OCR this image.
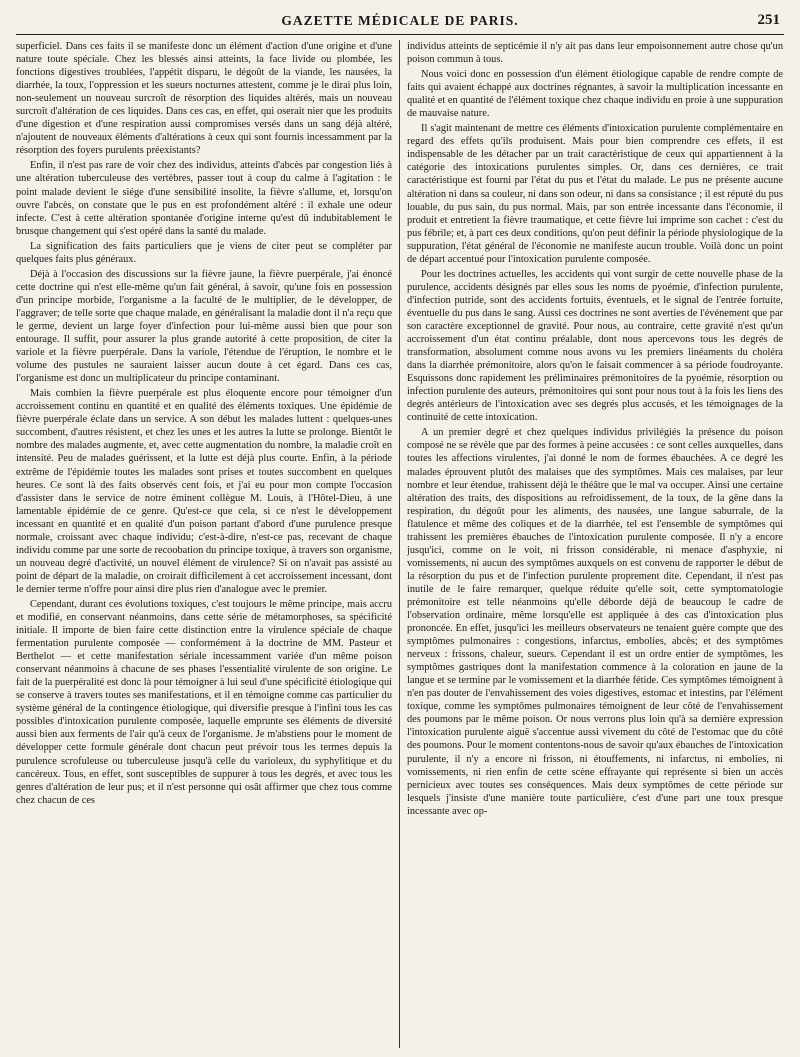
GAZETTE MÉDICALE DE PARIS.	251

superficiel. Dans ces faits il se manifeste donc un élément d'action d'une origine et d'une nature toute spéciale. Chez les blessés ainsi atteints, la face livide ou plombée, les fonctions digestives troublées, l'appétit disparu, le dégoût de la viande, les nausées, la diarrhée, la toux, l'oppression et les sueurs nocturnes attestent, comme je le dirai plus loin, non-seulement un nouveau surcroît de résorption des liquides altérés, mais un nouveau surcroît d'altération de ces liquides. Dans ces cas, en effet, qui oserait nier que les produits d'une digestion et d'une respiration aussi compromises versés dans un sang déjà altéré, n'ajoutent de nouveaux éléments d'altérations à ceux qui sont fournis incessamment par la résorption des foyers purulents préexistants?

Enfin, il n'est pas rare de voir chez des individus, atteints d'abcès par congestion liés à une altération tuberculeuse des vertèbres, passer tout à coup du calme à l'agitation : le point malade devient le siége d'une sensibilité insolite, la fièvre s'allume, et, lorsqu'on ouvre l'abcès, on constate que le pus en est profondément altéré : il exhale une odeur infecte. C'est à cette altération spontanée d'origine interne qu'est dû indubitablement le brusque changement qui s'est opéré dans la santé du malade.

La signification des faits particuliers que je viens de citer peut se compléter par quelques faits plus généraux.

Déjà à l'occasion des discussions sur la fièvre jaune, la fièvre puerpérale, j'ai énoncé cette doctrine qui n'est elle-même qu'un fait général, à savoir, qu'une fois en possession d'un principe morbide, l'organisme a la faculté de le multiplier, de le développer, de l'aggraver; de telle sorte que chaque malade, en généralisant la maladie dont il n'a reçu que le germe, devient un large foyer d'infection pour lui-même aussi bien que pour son entourage. Il suffit, pour assurer la plus grande autorité à cette proposition, de citer la variole et la fièvre puerpérale. Dans la variole, l'étendue de l'éruption, le nombre et le volume des pustules ne sauraient laisser aucun doute à cet égard. Dans ces cas, l'organisme est donc un multiplicateur du principe contaminant.

Mais combien la fièvre puerpérale est plus éloquente encore pour témoigner d'un accroissement continu en quantité et en qualité des éléments toxiques. Une épidémie de fièvre puerpérale éclate dans un service. A son début les malades luttent : quelques-unes succombent, d'autres résistent, et chez les unes et les autres la lutte se prolonge. Bientôt le nombre des malades augmente, et, avec cette augmentation du nombre, la maladie croît en intensité. Peu de malades guérissent, et la lutte est déjà plus courte. Enfin, à la période extrême de l'épidémie toutes les malades sont prises et toutes succombent en quelques heures. Ce sont là des faits observés cent fois, et j'ai eu pour mon compte l'occasion d'assister dans le service de notre éminent collègue M. Louis, à l'Hôtel-Dieu, à une lamentable épidémie de ce genre. Qu'est-ce que cela, si ce n'est le développement incessant en quantité et en qualité d'un poison partant d'abord d'une purulence presque normale, croissant avec chaque individu; c'est-à-dire, n'est-ce pas, recevant de chaque individu comme par une sorte de recoobation du principe toxique, à travers son organisme, un nouveau degré d'activité, un nouvel élément de virulence? Si on n'avait pas assisté au point de départ de la maladie, on croirait difficilement à cet accroissement incessant, dont le dernier terme n'offre pour ainsi dire plus rien d'analogue avec le premier.

Cependant, durant ces évolutions toxiques, c'est toujours le même principe, mais accru et modifié, en conservant néanmoins, dans cette série de métamorphoses, sa spécificité initiale. Il importe de bien faire cette distinction entre la virulence spéciale de chaque fermentation purulente composée — conformément à la doctrine de MM. Pasteur et Berthelot — et cette manifestation sériale incessamment variée d'un même poison conservant néanmoins à chacune de ses phases l'essentialité virulente de son origine. Le fait de la puerpéralité est donc là pour témoigner à lui seul d'une spécificité étiologique qui se conserve à travers toutes ses manifestations, et il en témoigne comme cas particulier du système général de la contingence étiologique, qui diversifie presque à l'infini tous les cas possibles d'intoxication purulente composée, laquelle emprunte ses éléments de diversité aussi bien aux ferments de l'air qu'à ceux de l'organisme. Je m'abstiens pour le moment de développer cette formule générale dont chacun peut prévoir tous les termes depuis la purulence scrofuleuse ou tuberculeuse jusqu'à celle du varioleux, du syphylitique et du cancéreux. Tous, en effet, sont susceptibles de suppurer à tous les degrés, et avec tous les genres d'altération de leur pus; et il n'est personne qui osât affirmer que chez tous comme chez chacun de ces

individus atteints de septicémie il n'y ait pas dans leur empoisonnement autre chose qu'un poison commun à tous.

Nous voici donc en possession d'un élément étiologique capable de rendre compte de faits qui avaient échappé aux doctrines régnantes, à savoir la multiplication incessante en qualité et en quantité de l'élément toxique chez chaque individu en proie à une suppuration de mauvaise nature.

Il s'agit maintenant de mettre ces éléments d'intoxication purulente complémentaire en regard des effets qu'ils produisent. Mais pour bien comprendre ces effets, il est indispensable de les détacher par un trait caractéristique de ceux qui appartiennent à la catégorie des intoxications purulentes simples. Or, dans ces dernières, ce trait caractéristique est fourni par l'état du pus et l'état du malade. Le pus ne présente aucune altération ni dans sa couleur, ni dans son odeur, ni dans sa consistance ; il est réputé du pus louable, du pus sain, du pus normal. Mais, par son entrée incessante dans l'économie, il produit et entretient la fièvre traumatique, et cette fièvre lui imprime son cachet : c'est du pus fébrile; et, à part ces deux conditions, qu'on peut définir la période physiologique de la suppuration, l'état général de l'économie ne manifeste aucun trouble. Voilà donc un point de départ accentué pour l'intoxication purulente composée.

Pour les doctrines actuelles, les accidents qui vont surgir de cette nouvelle phase de la purulence, accidents désignés par elles sous les noms de pyoémie, d'infection purulente, d'infection putride, sont des accidents fortuits, éventuels, et le signal de l'entrée fortuite, éventuelle du pus dans le sang. Aussi ces doctrines ne sont averties de l'événement que par son caractère exceptionnel de gravité. Pour nous, au contraire, cette gravité n'est qu'un accroissement d'un état continu préalable, dont nous apercevons tous les degrés de transformation, absolument comme nous avons vu les premiers linéaments du choléra dans la diarrhée prémonitoire, alors qu'on le faisait commencer à sa période foudroyante. Esquissons donc rapidement les préliminaires prémonitoires de la pyoémie, résorption ou infection purulente des auteurs, prémonitoires qui sont pour nous tout à la fois les liens des degrés antérieurs de l'intoxication avec ses degrés plus accusés, et les témoignages de la continuité de cette intoxication.

A un premier degré et chez quelques individus privilégiés la présence du poison composé ne se révèle que par des formes à peine accusées : ce sont celles auxquelles, dans toutes les affections virulentes, j'ai donné le nom de formes ébauchées. A ce degré les malades éprouvent plutôt des malaises que des symptômes. Mais ces malaises, par leur nombre et leur étendue, trahissent déjà le théâtre que le mal va occuper. Ainsi une certaine altération des traits, des dispositions au refroidissement, de la toux, de la gêne dans la respiration, du dégoût pour les aliments, des nausées, une langue saburrale, de la flatulence et même des coliques et de la diarrhée, tel est l'ensemble de symptômes qui trahissent les premières ébauches de l'intoxication purulente composée. Il n'y a encore jusqu'ici, comme on le voit, ni frisson considérable, ni menace d'asphyxie, ni vomissements, ni aucun des symptômes auxquels on est convenu de rapporter le début de la résorption du pus et de l'infection purulente proprement dite. Cependant, il n'est pas inutile de le faire remarquer, quelque réduite qu'elle soit, cette symptomatologie prémonitoire est telle néanmoins qu'elle déborde déjà de beaucoup le cadre de l'observation ordinaire, même lorsqu'elle est appliquée à des cas d'intoxication plus prononcée. En effet, jusqu'ici les meilleurs observateurs ne tenaient guère compte que des symptômes pulmonaires : congestions, infarctus, embolies, abcès; et des symptômes nerveux : frissons, chaleur, sueurs. Cependant il est un ordre entier de symptômes, les symptômes gastriques dont la manifestation commence à la coloration en jaune de la langue et se termine par le vomissement et la diarrhée fétide. Ces symptômes témoignent à n'en pas douter de l'envahissement des voies digestives, estomac et intestins, par l'élément toxique, comme les symptômes pulmonaires témoignent de leur côté de l'envahissement des poumons par le même poison. Or nous verrons plus loin qu'à sa dernière expression l'intoxication purulente aiguë s'accentue aussi vivement du côté de l'estomac que du côté des poumons. Pour le moment contentons-nous de savoir qu'aux ébauches de l'intoxication purulente, il n'y a encore ni frisson, ni étouffements, ni infarctus, ni embolies, ni vomissements, ni rien enfin de cette scène effrayante qui représente si bien un accès pernicieux avec toutes ses conséquences. Mais deux symptômes de cette période sur lesquels j'insiste d'une manière toute particulière, c'est d'une part une toux presque incessante avec op-
